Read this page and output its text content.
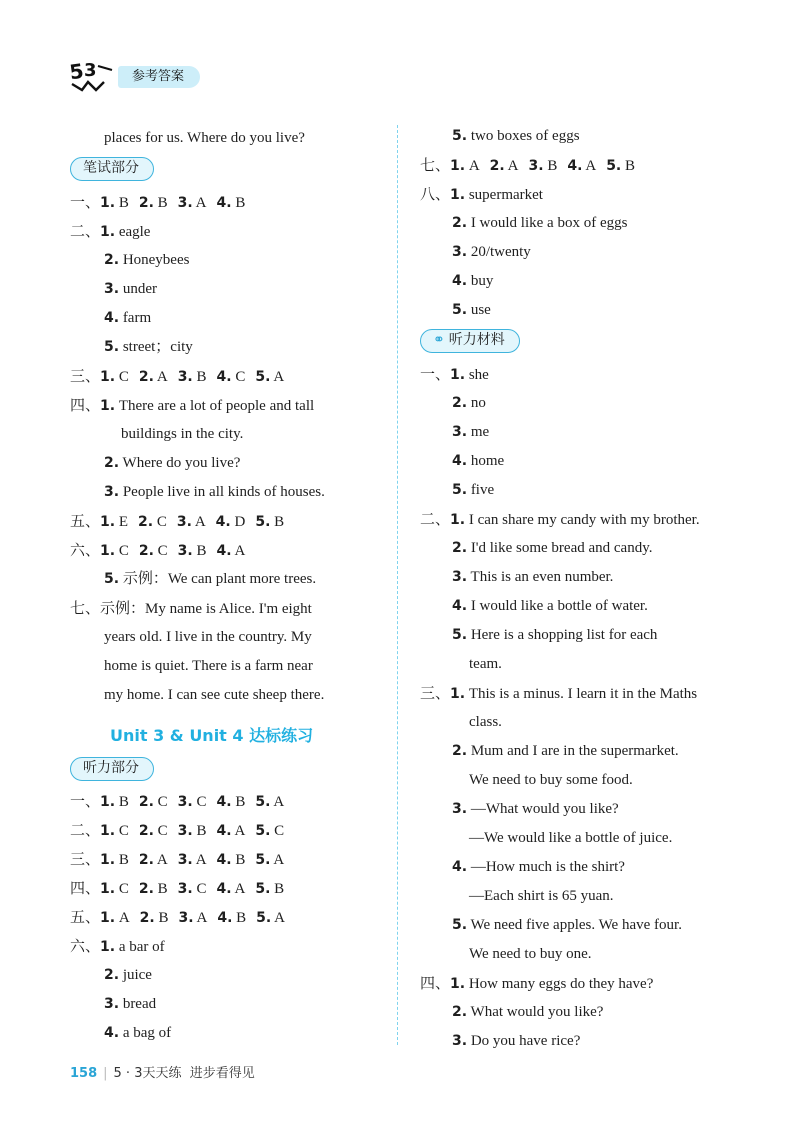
5
3	参考答案
places for us. Where do you live?
笔试部分
一、1. B 2. B 3. A 4. B
二、1. eagle
2. Honeybees
3. under
4. farm
5. street；city
三、1. C 2. A 3. B 4. C 5. A
四、1. There are a lot of people and tall
buildings in the city.
2. Where do you live?
3. People live in all kinds of houses.
五、1. E 2. C 3. A 4. D 5. B
六、1. C 2. C 3. B 4. A
5. 示例：We can plant more trees.
七、示例：My name is Alice. I'm eight
years old. I live in the country. My
home is quiet. There is a farm near
my home. I can see cute sheep there.
Unit 3 & Unit 4 达标练习
听力部分
一、1. B 2. C 3. C 4. B 5. A
二、1. C 2. C 3. B 4. A 5. C
三、1. B 2. A 3. A 4. B 5. A
四、1. C 2. B 3. C 4. A 5. B
五、1. A 2. B 3. A 4. B 5. A
六、1. a bar of
2. juice
3. bread
4. a bag of
5. two boxes of eggs
七、1. A 2. A 3. B 4. A 5. B
八、1. supermarket
2. I would like a box of eggs
3. 20/twenty
4. buy
5. use
⚭ 听力材料
一、1. she
2. no
3. me
4. home
5. five
二、1. I can share my candy with my brother.
2. I'd like some bread and candy.
3. This is an even number.
4. I would like a bottle of water.
5. Here is a shopping list for each
team.
三、1. This is a minus. I learn it in the Maths
class.
2. Mum and I are in the supermarket.
We need to buy some food.
3. —What would you like?
—We would like a bottle of juice.
4. —How much is the shirt?
—Each shirt is 65 yuan.
5. We need five apples. We have four.
We need to buy one.
四、1. How many eggs do they have?
2. What would you like?
3. Do you have rice?
158 | 5 · 3天天练 进步看得见
